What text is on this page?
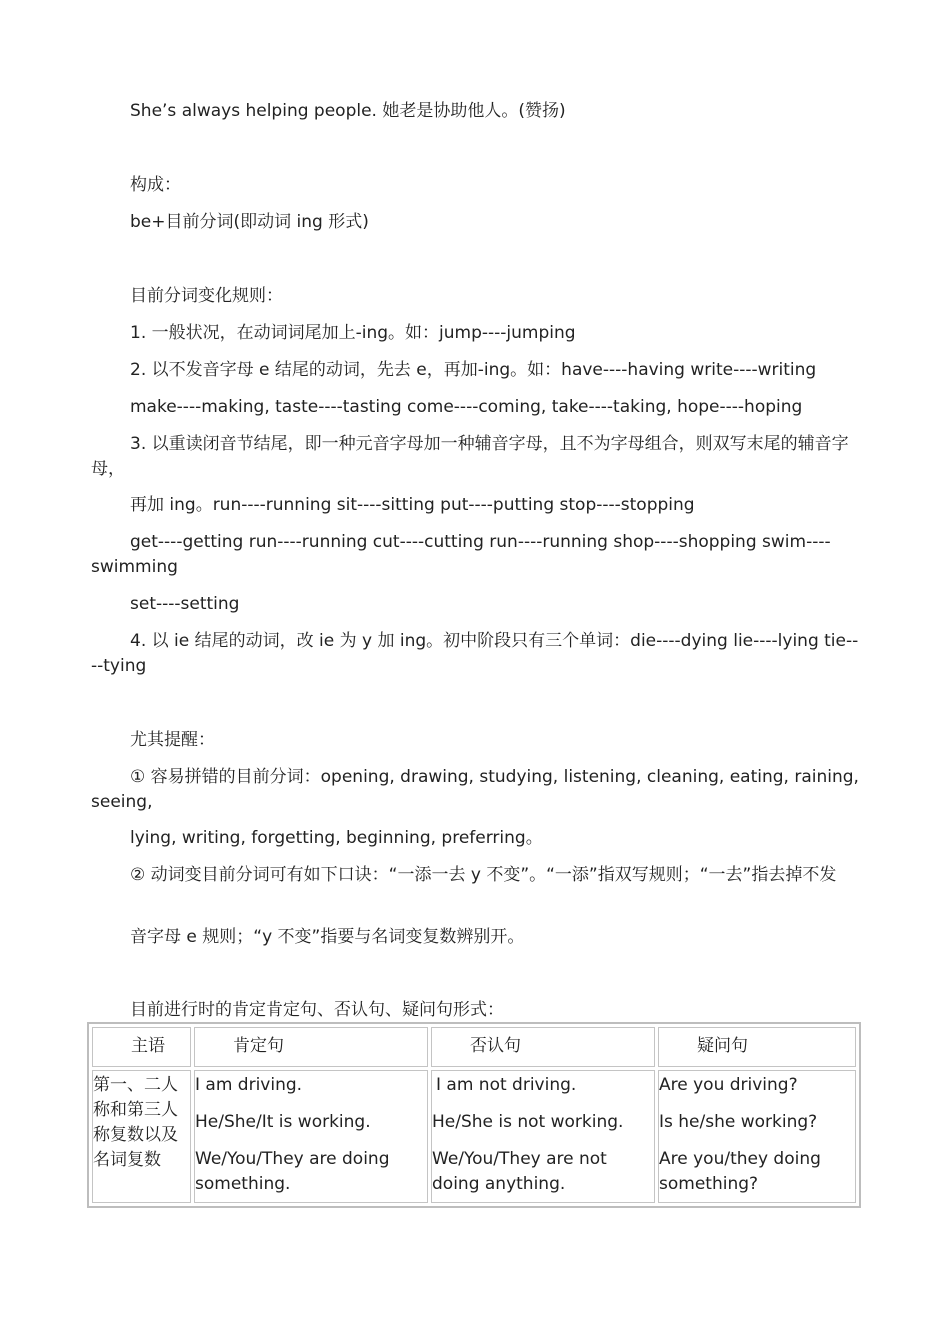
She’s always helping people. 她老是协助他人。(赞扬)
构成：
be+目前分词(即动词 ing 形式)
目前分词变化规则：
1. 一般状况，在动词词尾加上-ing。如：jump----jumping
2. 以不发音字母 e 结尾的动词，先去 e，再加-ing。如：have----having write----writing
make----making, taste----tasting come----coming, take----taking, hope----hoping
3. 以重读闭音节结尾，即一种元音字母加一种辅音字母，且不为字母组合，则双写末尾的辅音字母，
再加 ing。run----running sit----sitting put----putting stop----stopping
get----getting run----running cut----cutting run----running shop----shopping swim----swimming
set----setting
4. 以 ie 结尾的动词，改 ie 为 y 加 ing。初中阶段只有三个单词：die----dying lie----lying tie----tying
尤其提醒：
① 容易拼错的目前分词：opening, drawing, studying, listening, cleaning, eating, raining, seeing,
lying, writing, forgetting, beginning, preferring。
② 动词变目前分词可有如下口诀：“一添一去 y 不变”。“一添”指双写规则；“一去”指去掉不发
音字母 e 规则；“y 不变”指要与名词变复数辨别开。
目前进行时的肯定肯定句、否认句、疑问句形式：
主语	肯定句	否认句	疑问句

第一、二人称和第三人称复数以及名词复数	I am driving.
He/She/It is working.
We/You/They are doing something.	I am not driving.
He/She is not working.
We/You/They are not doing anything.	Are you driving?
Is he/she working?
Are you/they doing something?
